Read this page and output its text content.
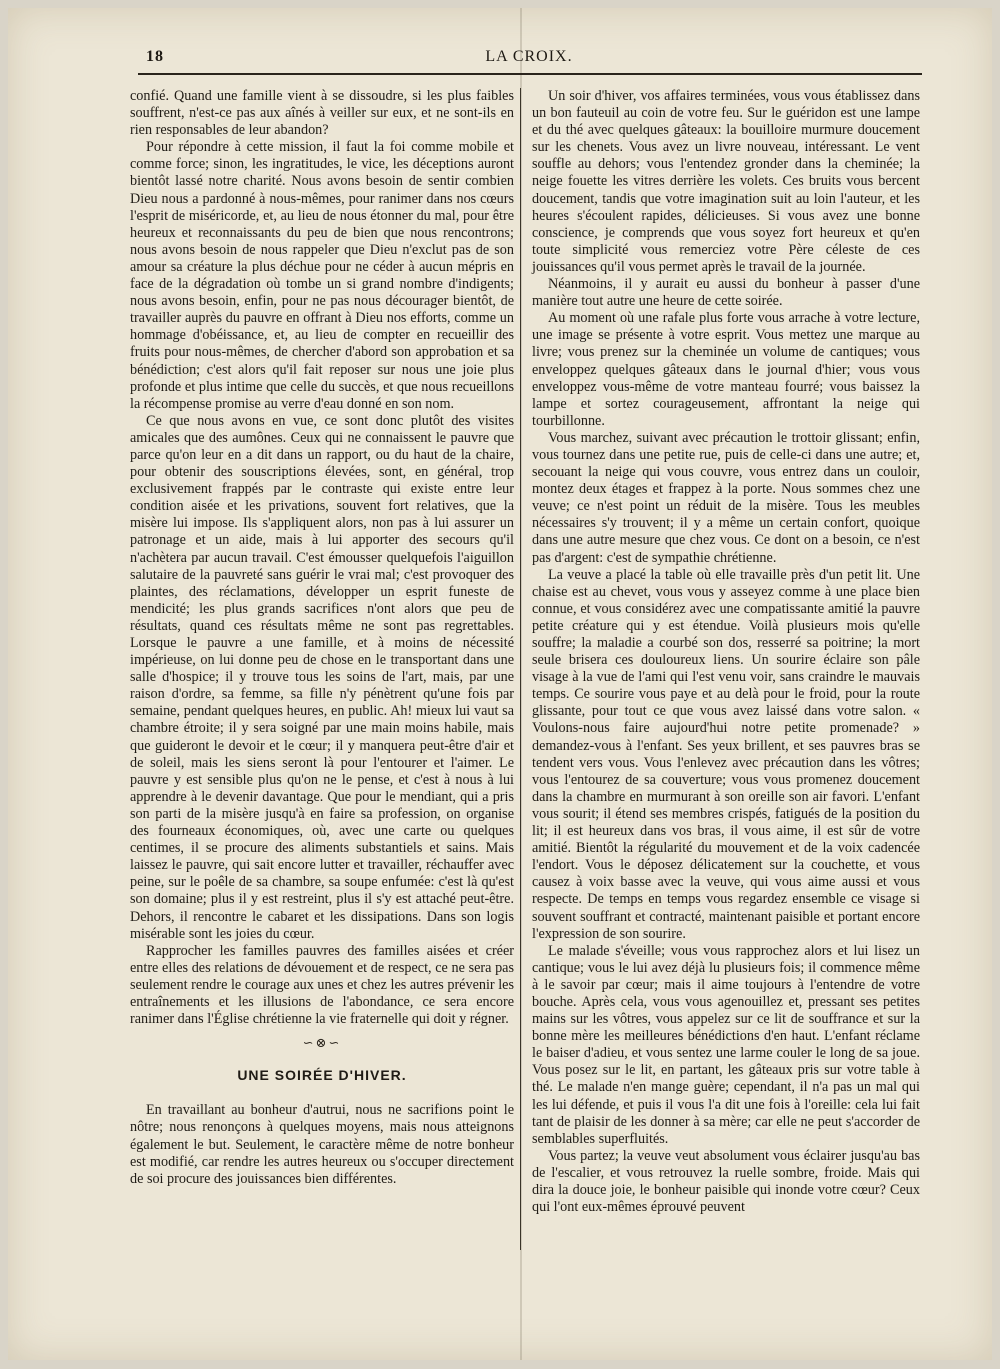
18	LA CROIX.

confié. Quand une famille vient à se dissoudre, si les plus faibles souffrent, n'est-ce pas aux aînés à veiller sur eux, et ne sont-ils en rien responsables de leur abandon?

Pour répondre à cette mission, il faut la foi comme mobile et comme force; sinon, les ingratitudes, le vice, les déceptions auront bientôt lassé notre charité. Nous avons besoin de sentir combien Dieu nous a pardonné à nous-mêmes, pour ranimer dans nos cœurs l'esprit de miséricorde, et, au lieu de nous étonner du mal, pour être heureux et reconnaissants du peu de bien que nous rencontrons; nous avons besoin de nous rappeler que Dieu n'exclut pas de son amour sa créature la plus déchue pour ne céder à aucun mépris en face de la dégradation où tombe un si grand nombre d'indigents; nous avons besoin, enfin, pour ne pas nous décourager bientôt, de travailler auprès du pauvre en offrant à Dieu nos efforts, comme un hommage d'obéissance, et, au lieu de compter en recueillir des fruits pour nous-mêmes, de chercher d'abord son approbation et sa bénédiction; c'est alors qu'il fait reposer sur nous une joie plus profonde et plus intime que celle du succès, et que nous recueillons la récompense promise au verre d'eau donné en son nom.

Ce que nous avons en vue, ce sont donc plutôt des visites amicales que des aumônes. Ceux qui ne connaissent le pauvre que parce qu'on leur en a dit dans un rapport, ou du haut de la chaire, pour obtenir des souscriptions élevées, sont, en général, trop exclusivement frappés par le contraste qui existe entre leur condition aisée et les privations, souvent fort relatives, que la misère lui impose. Ils s'appliquent alors, non pas à lui assurer un patronage et un aide, mais à lui apporter des secours qu'il n'achètera par aucun travail. C'est émousser quelquefois l'aiguillon salutaire de la pauvreté sans guérir le vrai mal; c'est provoquer des plaintes, des réclamations, développer un esprit funeste de mendicité; les plus grands sacrifices n'ont alors que peu de résultats, quand ces résultats même ne sont pas regrettables. Lorsque le pauvre a une famille, et à moins de nécessité impérieuse, on lui donne peu de chose en le transportant dans une salle d'hospice; il y trouve tous les soins de l'art, mais, par une raison d'ordre, sa femme, sa fille n'y pénètrent qu'une fois par semaine, pendant quelques heures, en public. Ah! mieux lui vaut sa chambre étroite; il y sera soigné par une main moins habile, mais que guideront le devoir et le cœur; il y manquera peut-être d'air et de soleil, mais les siens seront là pour l'entourer et l'aimer. Le pauvre y est sensible plus qu'on ne le pense, et c'est à nous à lui apprendre à le devenir davantage. Que pour le mendiant, qui a pris son parti de la misère jusqu'à en faire sa profession, on organise des fourneaux économiques, où, avec une carte ou quelques centimes, il se procure des aliments substantiels et sains. Mais laissez le pauvre, qui sait encore lutter et travailler, réchauffer avec peine, sur le poêle de sa chambre, sa soupe enfumée: c'est là qu'est son domaine; plus il y est restreint, plus il s'y est attaché peut-être. Dehors, il rencontre le cabaret et les dissipations. Dans son logis misérable sont les joies du cœur.

Rapprocher les familles pauvres des familles aisées et créer entre elles des relations de dévouement et de respect, ce ne sera pas seulement rendre le courage aux unes et chez les autres prévenir les entraînements et les illusions de l'abondance, ce sera encore ranimer dans l'Église chrétienne la vie fraternelle qui doit y régner.

∽⊗∽
UNE SOIRÉE D'HIVER.

En travaillant au bonheur d'autrui, nous ne sacrifions point le nôtre; nous renonçons à quelques moyens, mais nous atteignons également le but. Seulement, le caractère même de notre bonheur est modifié, car rendre les autres heureux ou s'occuper directement de soi procure des jouissances bien différentes.

Un soir d'hiver, vos affaires terminées, vous vous établissez dans un bon fauteuil au coin de votre feu. Sur le guéridon est une lampe et du thé avec quelques gâteaux: la bouilloire murmure doucement sur les chenets. Vous avez un livre nouveau, intéressant. Le vent souffle au dehors; vous l'entendez gronder dans la cheminée; la neige fouette les vitres derrière les volets. Ces bruits vous bercent doucement, tandis que votre imagination suit au loin l'auteur, et les heures s'écoulent rapides, délicieuses. Si vous avez une bonne conscience, je comprends que vous soyez fort heureux et qu'en toute simplicité vous remerciez votre Père céleste de ces jouissances qu'il vous permet après le travail de la journée.

Néanmoins, il y aurait eu aussi du bonheur à passer d'une manière tout autre une heure de cette soirée.

Au moment où une rafale plus forte vous arrache à votre lecture, une image se présente à votre esprit. Vous mettez une marque au livre; vous prenez sur la cheminée un volume de cantiques; vous enveloppez quelques gâteaux dans le journal d'hier; vous vous enveloppez vous-même de votre manteau fourré; vous baissez la lampe et sortez courageusement, affrontant la neige qui tourbillonne.

Vous marchez, suivant avec précaution le trottoir glissant; enfin, vous tournez dans une petite rue, puis de celle-ci dans une autre; et, secouant la neige qui vous couvre, vous entrez dans un couloir, montez deux étages et frappez à la porte. Nous sommes chez une veuve; ce n'est point un réduit de la misère. Tous les meubles nécessaires s'y trouvent; il y a même un certain confort, quoique dans une autre mesure que chez vous. Ce dont on a besoin, ce n'est pas d'argent: c'est de sympathie chrétienne.

La veuve a placé la table où elle travaille près d'un petit lit. Une chaise est au chevet, vous vous y asseyez comme à une place bien connue, et vous considérez avec une compatissante amitié la pauvre petite créature qui y est étendue. Voilà plusieurs mois qu'elle souffre; la maladie a courbé son dos, resserré sa poitrine; la mort seule brisera ces douloureux liens. Un sourire éclaire son pâle visage à la vue de l'ami qui l'est venu voir, sans craindre le mauvais temps. Ce sourire vous paye et au delà pour le froid, pour la route glissante, pour tout ce que vous avez laissé dans votre salon. « Voulons-nous faire aujourd'hui notre petite promenade? » demandez-vous à l'enfant. Ses yeux brillent, et ses pauvres bras se tendent vers vous. Vous l'enlevez avec précaution dans les vôtres; vous l'entourez de sa couverture; vous vous promenez doucement dans la chambre en murmurant à son oreille son air favori. L'enfant vous sourit; il étend ses membres crispés, fatigués de la position du lit; il est heureux dans vos bras, il vous aime, il est sûr de votre amitié. Bientôt la régularité du mouvement et de la voix cadencée l'endort. Vous le déposez délicatement sur la couchette, et vous causez à voix basse avec la veuve, qui vous aime aussi et vous respecte. De temps en temps vous regardez ensemble ce visage si souvent souffrant et contracté, maintenant paisible et portant encore l'expression de son sourire.

Le malade s'éveille; vous vous rapprochez alors et lui lisez un cantique; vous le lui avez déjà lu plusieurs fois; il commence même à le savoir par cœur; mais il aime toujours à l'entendre de votre bouche. Après cela, vous vous agenouillez et, pressant ses petites mains sur les vôtres, vous appelez sur ce lit de souffrance et sur la bonne mère les meilleures bénédictions d'en haut. L'enfant réclame le baiser d'adieu, et vous sentez une larme couler le long de sa joue. Vous posez sur le lit, en partant, les gâteaux pris sur votre table à thé. Le malade n'en mange guère; cependant, il n'a pas un mal qui les lui défende, et puis il vous l'a dit une fois à l'oreille: cela lui fait tant de plaisir de les donner à sa mère; car elle ne peut s'accorder de semblables superfluités.

Vous partez; la veuve veut absolument vous éclairer jusqu'au bas de l'escalier, et vous retrouvez la ruelle sombre, froide. Mais qui dira la douce joie, le bonheur paisible qui inonde votre cœur? Ceux qui l'ont eux-mêmes éprouvé peuvent
